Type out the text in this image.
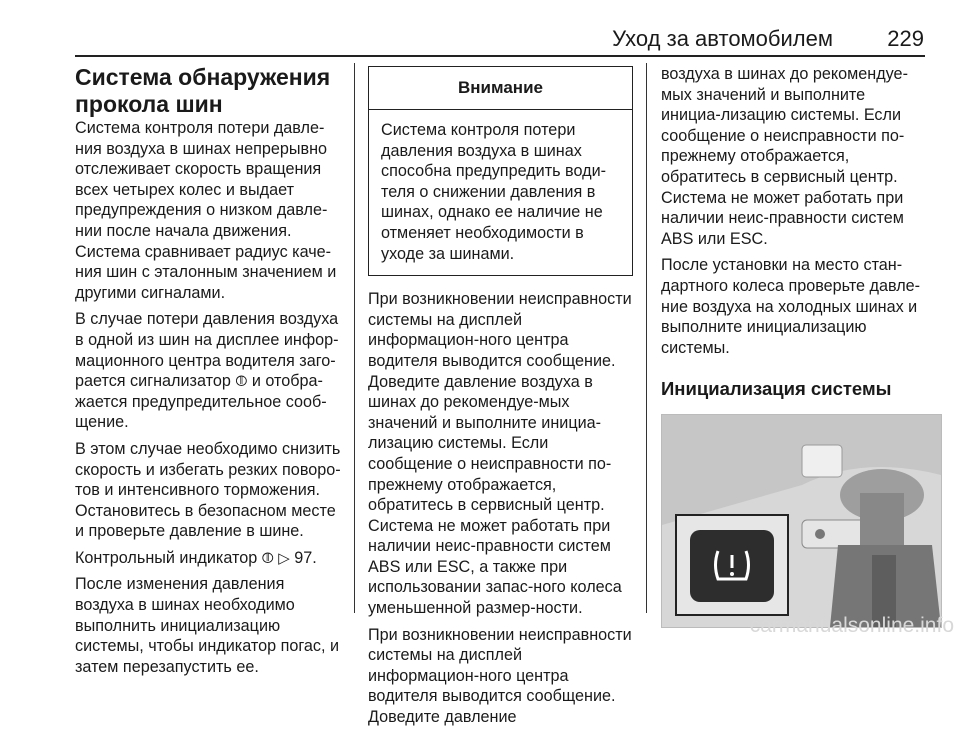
Уход за автомобилем 229
Система обнаружения прокола шин

Система контроля потери давле-ния воздуха в шинах непрерывно отслеживает скорость вращения всех четырех колес и выдает предупреждения о низком давле-нии после начала движения. Система сравнивает радиус каче-ния шин с эталонным значением и другими сигналами.

В случае потери давления воздуха в одной из шин на дисплее инфор-мационного центра водителя заго-рается сигнализатор ⦷ и отобра-жается предупредительное сооб-щение.

В этом случае необходимо снизить скорость и избегать резких поворо-тов и интенсивного торможения. Остановитесь в безопасном месте и проверьте давление в шине.

Контрольный индикатор ⦷ ▷ 97.

После изменения давления воздуха в шинах необходимо выполнить инициализацию системы, чтобы индикатор погас, и затем перезапустить ее.

Внимание
Система контроля потери давления воздуха в шинах способна предупредить води-теля о снижении давления в шинах, однако ее наличие не отменяет необходимости в уходе за шинами.

При возникновении неисправности системы на дисплей информацион-ного центра водителя выводится сообщение. Доведите давление воздуха в шинах до рекомендуе-мых значений и выполните инициа-лизацию системы. Если сообщение о неисправности по-прежнему отображается, обратитесь в сервисный центр. Система не может работать при наличии неис-правности систем ABS или ESC, а также при использовании запас-ного колеса уменьшенной размер-ности.

При возникновении неисправности системы на дисплей информацион-ного центра водителя выводится сообщение. Доведите давление

воздуха в шинах до рекомендуе-мых значений и выполните инициа-лизацию системы. Если сообщение о неисправности по-прежнему отображается, обратитесь в сервисный центр. Система не может работать при наличии неис-правности систем ABS или ESC.

После установки на место стан-дартного колеса проверьте давле-ние воздуха на холодных шинах и выполните инициализацию системы.

Инициализация системы
carmanualsonline.info
